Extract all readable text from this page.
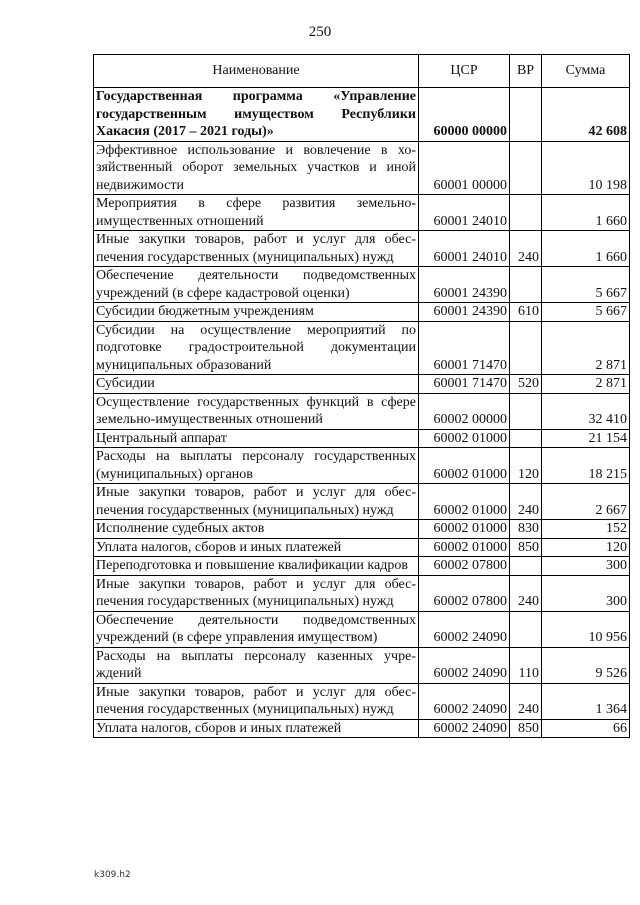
250
Наименование	ЦСР	ВР	Сумма
Государственная программа «Управление государственным имуществом Республики Хакасия (2017 – 2021 годы)»	60000 00000		42 608
Эффективное использование и вовлечение в хозяйственный оборот земельных участков и иной недвижимости	60001 00000		10 198
Мероприятия в сфере развития земельно-имущественных отношений	60001 24010		1 660
Иные закупки товаров, работ и услуг для обеспечения государственных (муниципальных) нужд	60001 24010	240	1 660
Обеспечение деятельности подведомственных учреждений (в сфере кадастровой оценки)	60001 24390		5 667
Субсидии бюджетным учреждениям	60001 24390	610	5 667
Субсидии на осуществление мероприятий по подготовке градостроительной документации муниципальных образований	60001 71470		2 871
Субсидии	60001 71470	520	2 871
Осуществление государственных функций в сфере земельно-имущественных отношений	60002 00000		32 410
Центральный аппарат	60002 01000		21 154
Расходы на выплаты персоналу государственных (муниципальных) органов	60002 01000	120	18 215
Иные закупки товаров, работ и услуг для обеспечения государственных (муниципальных) нужд	60002 01000	240	2 667
Исполнение судебных актов	60002 01000	830	152
Уплата налогов, сборов и иных платежей	60002 01000	850	120
Переподготовка и повышение квалификации кадров	60002 07800		300
Иные закупки товаров, работ и услуг для обеспечения государственных (муниципальных) нужд	60002 07800	240	300
Обеспечение деятельности подведомственных учреждений (в сфере управления имуществом)	60002 24090		10 956
Расходы на выплаты персоналу казенных учреждений	60002 24090	110	9 526
Иные закупки товаров, работ и услуг для обеспечения государственных (муниципальных) нужд	60002 24090	240	1 364
Уплата налогов, сборов и иных платежей	60002 24090	850	66
k309.h2
